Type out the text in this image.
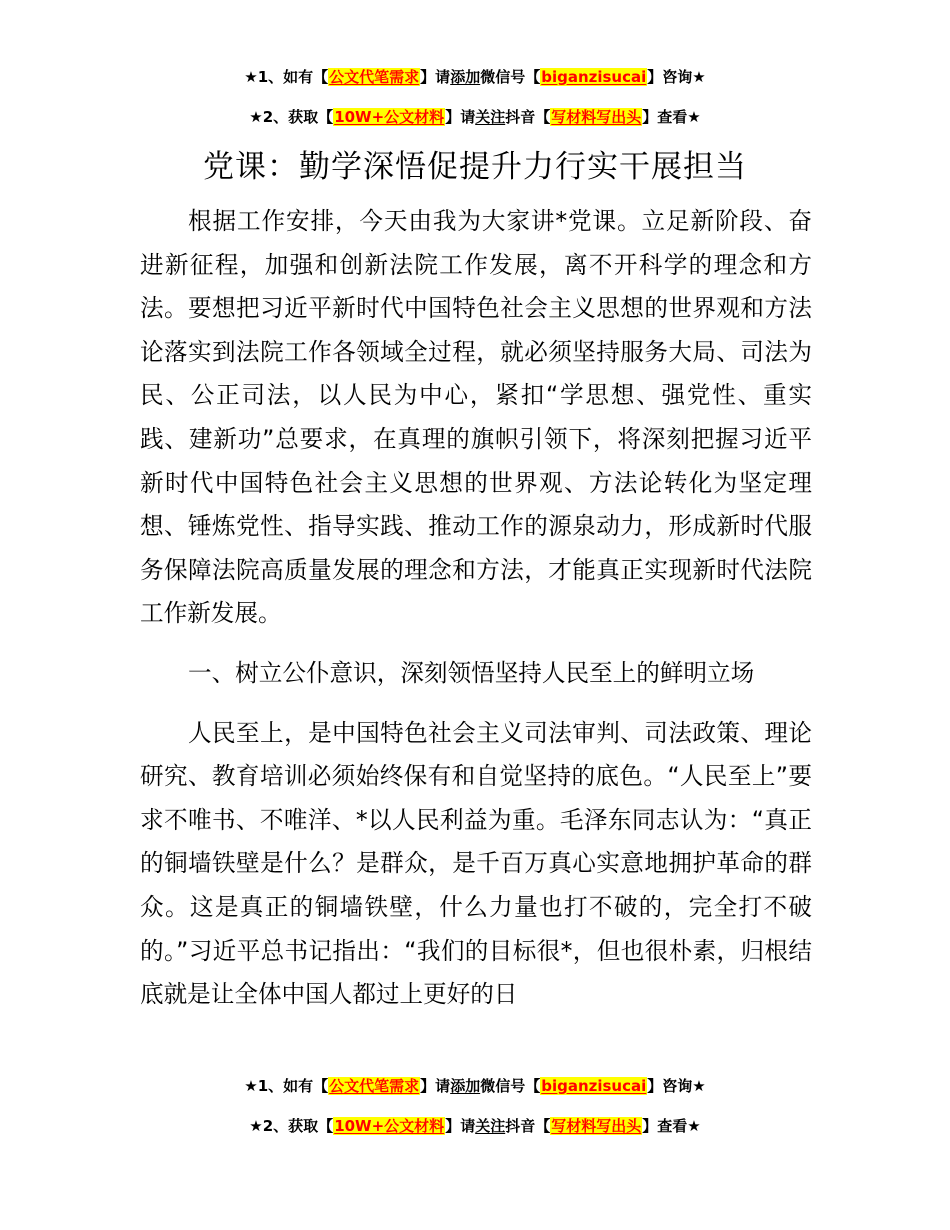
★1、如有【公文代笔需求】请添加微信号【biganzisucai】咨询★
★2、获取【10W+公文材料】请关注抖音【写材料写出头】查看★
党课：勤学深悟促提升力行实干展担当

根据工作安排，今天由我为大家讲*党课。立足新阶段、奋进新征程，加强和创新法院工作发展，离不开科学的理念和方法。要想把习近平新时代中国特色社会主义思想的世界观和方法论落实到法院工作各领域全过程，就必须坚持服务大局、司法为民、公正司法，以人民为中心，紧扣“学思想、强党性、重实践、建新功”总要求，在真理的旗帜引领下，将深刻把握习近平新时代中国特色社会主义思想的世界观、方法论转化为坚定理想、锤炼党性、指导实践、推动工作的源泉动力，形成新时代服务保障法院高质量发展的理念和方法，才能真正实现新时代法院工作新发展。

一、树立公仆意识，深刻领悟坚持人民至上的鲜明立场

人民至上，是中国特色社会主义司法审判、司法政策、理论研究、教育培训必须始终保有和自觉坚持的底色。“人民至上”要求不唯书、不唯洋、*以人民利益为重。毛泽东同志认为：“真正的铜墙铁壁是什么？是群众，是千百万真心实意地拥护革命的群众。这是真正的铜墙铁壁，什么力量也打不破的，完全打不破的。”习近平总书记指出：“我们的目标很*，但也很朴素，归根结底就是让全体中国人都过上更好的日

★1、如有【公文代笔需求】请添加微信号【biganzisucai】咨询★
★2、获取【10W+公文材料】请关注抖音【写材料写出头】查看★
